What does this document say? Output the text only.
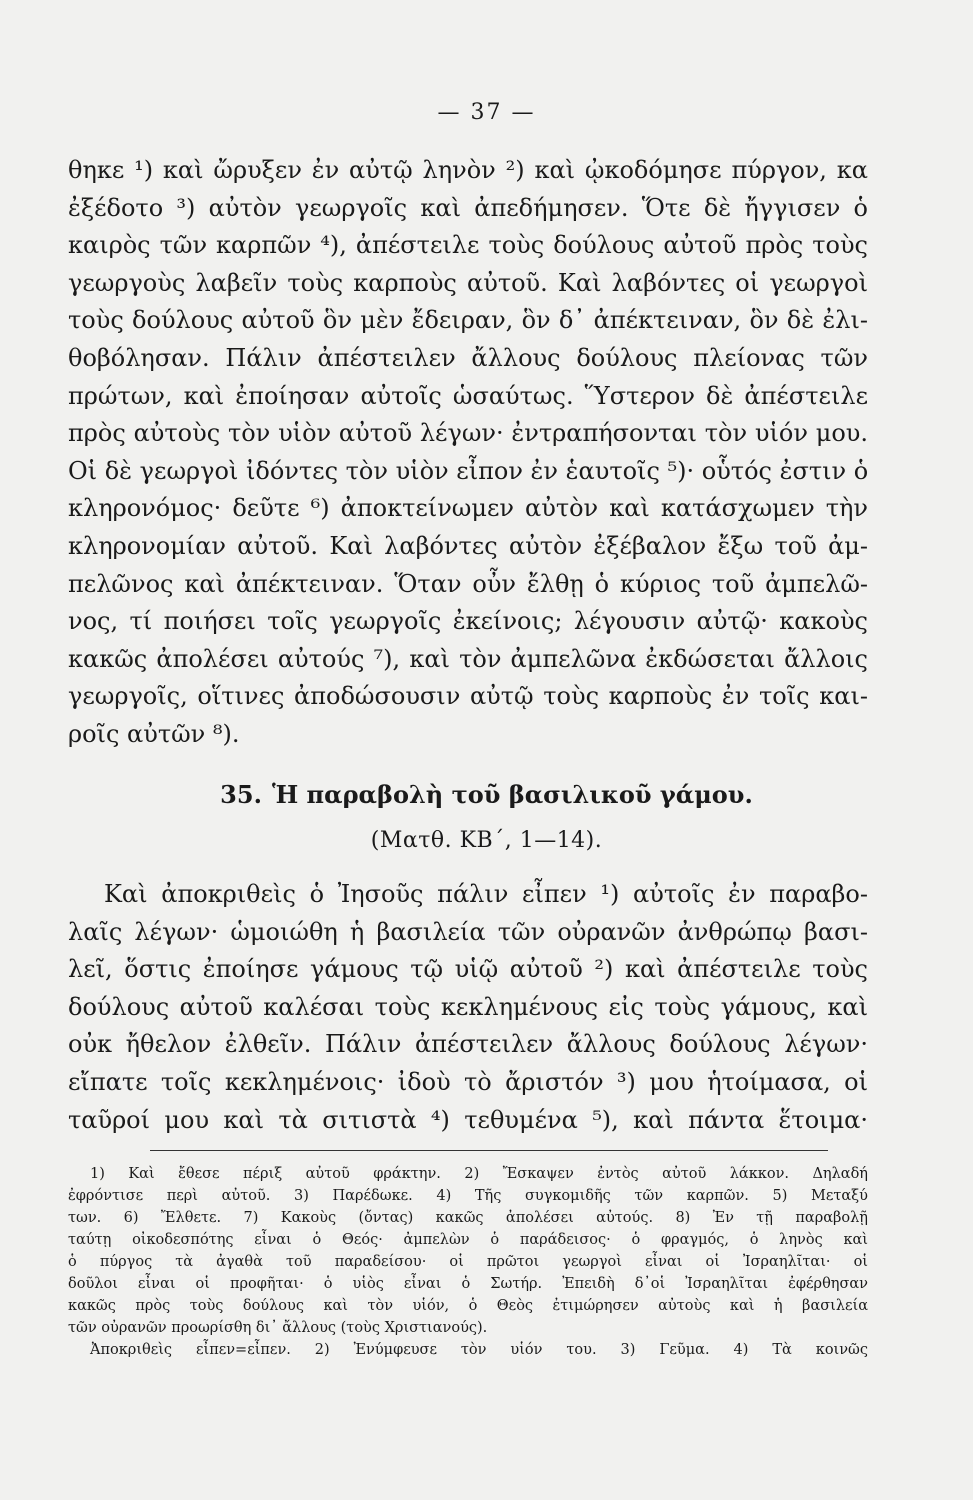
— 37 —
θηκε ¹) καὶ ὤρυξεν ἐν αὐτῷ ληνὸν ²) καὶ ᾠκοδόμησε πύργον, κα
ἐξέδοτο ³) αὐτὸν γεωργοῖς καὶ ἀπεδήμησεν. Ὅτε δὲ ἤγγισεν ὁ
καιρὸς τῶν καρπῶν ⁴), ἀπέστειλε τοὺς δούλους αὐτοῦ πρὸς τοὺς
γεωργοὺς λαβεῖν τοὺς καρποὺς αὐτοῦ. Καὶ λαβόντες οἱ γεωργοὶ
τοὺς δούλους αὐτοῦ ὃν μὲν ἔδειραν, ὃν δ᾽ ἀπέκτειναν, ὃν δὲ ἐλι-
θοβόλησαν. Πάλιν ἀπέστειλεν ἄλλους δούλους πλείονας τῶν
πρώτων, καὶ ἐποίησαν αὐτοῖς ὡσαύτως. Ὕστερον δὲ ἀπέστειλε
πρὸς αὐτοὺς τὸν υἱὸν αὐτοῦ λέγων· ἐντραπήσονται τὸν υἱόν μου.
Οἱ δὲ γεωργοὶ ἰδόντες τὸν υἱὸν εἶπον ἐν ἑαυτοῖς ⁵)· οὗτός ἐστιν ὁ
κληρονόμος· δεῦτε ⁶) ἀποκτείνωμεν αὐτὸν καὶ κατάσχωμεν τὴν
κληρονομίαν αὐτοῦ. Καὶ λαβόντες αὐτὸν ἐξέβαλον ἔξω τοῦ ἀμ-
πελῶνος καὶ ἀπέκτειναν. Ὅταν οὖν ἔλθῃ ὁ κύριος τοῦ ἀμπελῶ-
νος, τί ποιήσει τοῖς γεωργοῖς ἐκείνοις; λέγουσιν αὐτῷ· κακοὺς
κακῶς ἀπολέσει αὐτούς ⁷), καὶ τὸν ἀμπελῶνα ἐκδώσεται ἄλλοις
γεωργοῖς, οἵτινες ἀποδώσουσιν αὐτῷ τοὺς καρποὺς ἐν τοῖς και-
ροῖς αὐτῶν ⁸).
35. Ἡ παραβολὴ τοῦ βασιλικοῦ γάμου.
(Ματθ. ΚΒ΄, 1—14).
Καὶ ἀποκριθεὶς ὁ Ἰησοῦς πάλιν εἶπεν ¹) αὐτοῖς ἐν παραβο-
λαῖς λέγων· ὡμοιώθη ἡ βασιλεία τῶν οὐρανῶν ἀνθρώπῳ βασι-
λεῖ, ὅστις ἐποίησε γάμους τῷ υἱῷ αὐτοῦ ²) καὶ ἀπέστειλε τοὺς
δούλους αὐτοῦ καλέσαι τοὺς κεκλημένους εἰς τοὺς γάμους, καὶ
οὐκ ἤθελον ἐλθεῖν. Πάλιν ἀπέστειλεν ἄλλους δούλους λέγων·
εἴπατε τοῖς κεκλημένοις· ἰδοὺ τὸ ἄριστόν ³) μου ἡτοίμασα, οἱ
ταῦροί μου καὶ τὰ σιτιστὰ ⁴) τεθυμένα ⁵), καὶ πάντα ἕτοιμα·
1) Καὶ ἔθεσε πέριξ αὐτοῦ φράκτην. 2) Ἔσκαψεν ἐντὸς αὐτοῦ λάκκον. Δηλαδή
ἐφρόντισε περὶ αὐτοῦ. 3) Παρέδωκε. 4) Τῆς συγκομιδῆς τῶν καρπῶν. 5) Μεταξύ
των. 6) Ἔλθετε. 7) Κακοὺς (ὄντας) κακῶς ἀπολέσει αὐτούς. 8) Ἐν τῇ παραβολῇ
ταύτῃ οἰκοδεσπότης εἶναι ὁ Θεός· ἀμπελὼν ὁ παράδεισος· ὁ φραγμός, ὁ ληνὸς καὶ
ὁ πύργος τὰ ἀγαθὰ τοῦ παραδείσου· οἱ πρῶτοι γεωργοὶ εἶναι οἱ Ἰσραηλῖται· οἱ
δοῦλοι εἶναι οἱ προφῆται· ὁ υἱὸς εἶναι ὁ Σωτήρ. Ἐπειδὴ δ᾽οἱ Ἰσραηλῖται ἐφέρθησαν
κακῶς πρὸς τοὺς δούλους καὶ τὸν υἱόν, ὁ Θεὸς ἐτιμώρησεν αὐτοὺς καὶ ἡ βασιλεία
τῶν οὐρανῶν προωρίσθη δι᾽ ἄλλους (τοὺς Χριστιανούς).
Ἀποκριθεὶς εἶπεν=εἶπεν. 2) Ἐνύμφευσε τὸν υἱόν του. 3) Γεῦμα. 4) Τὰ κοινῶς
